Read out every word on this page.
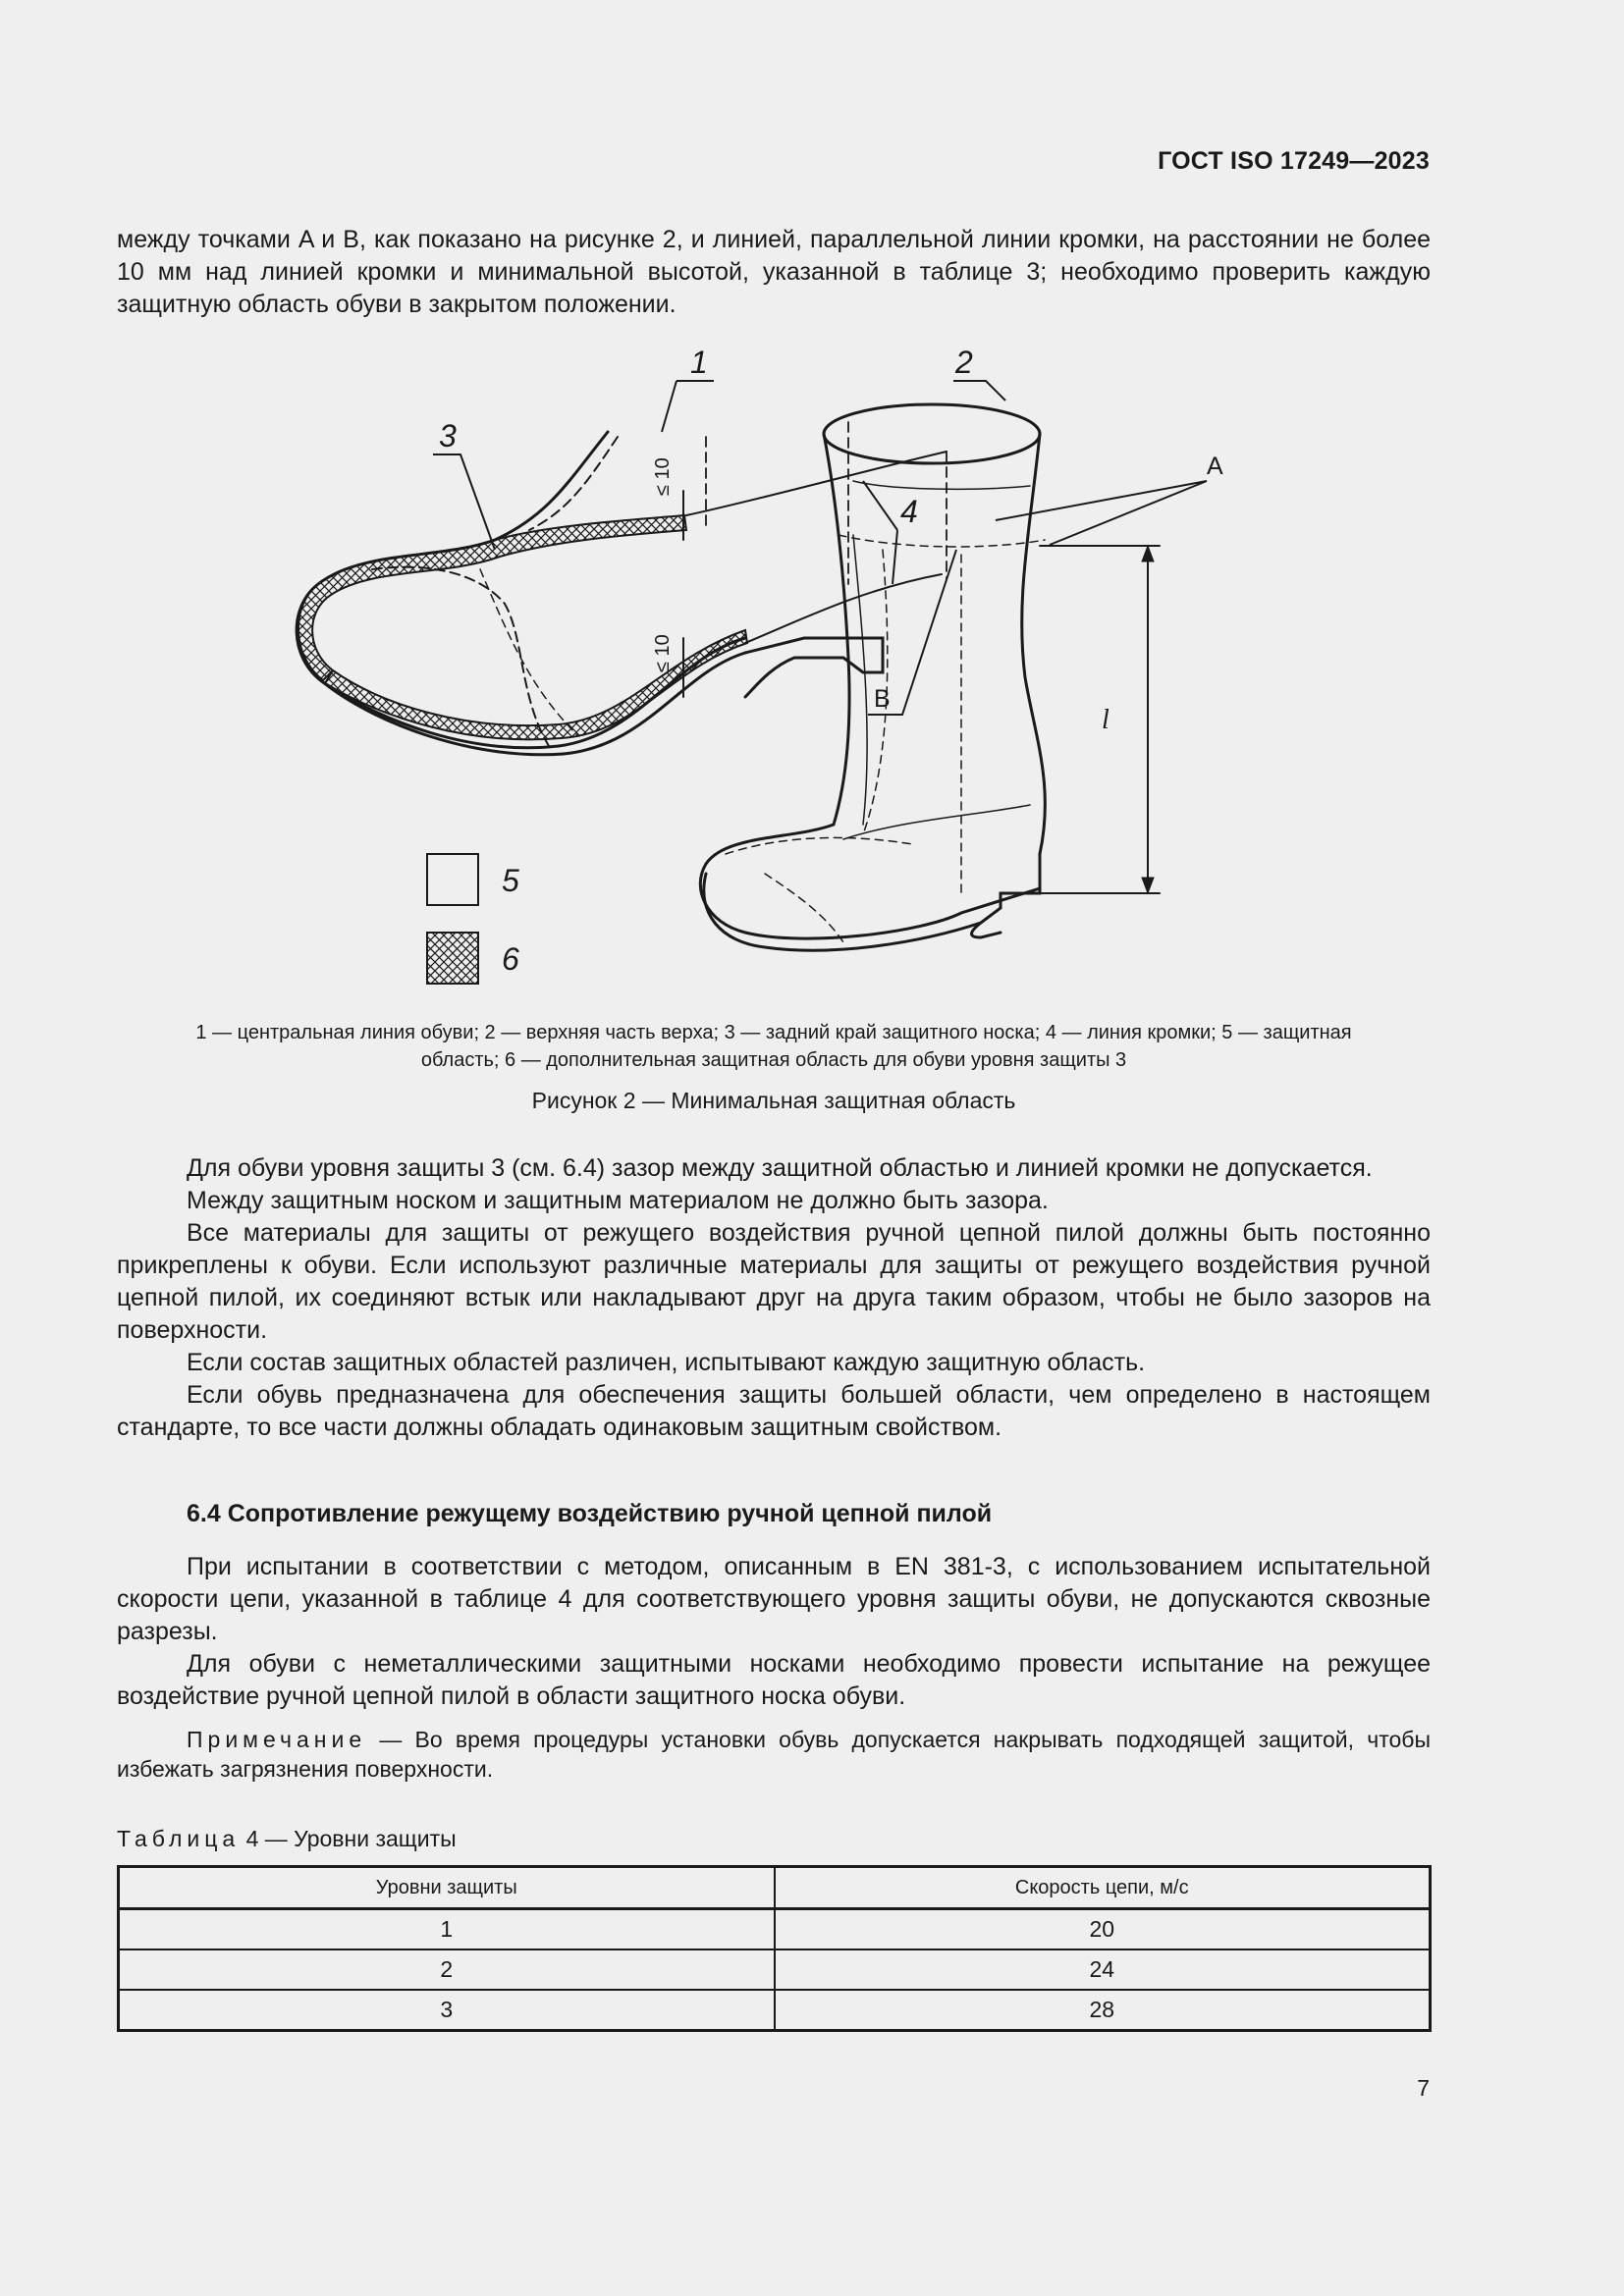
ГОСТ ISO 17249—2023

между точками A и B, как показано на рисунке 2, и линией, параллельной линии кромки, на расстоянии не более 10 мм над линией кромки и минимальной высотой, указанной в таблице 3; необходимо проверить каждую защитную область обуви в закрытом положении.

≤ 10
≤ 10
1
3
4
5
6
2
A
B
l
1 — центральная линия обуви; 2 — верхняя часть верха; 3 — задний край защитного носка; 4 — линия кромки; 5 — защитная
область; 6 — дополнительная защитная область для обуви уровня защиты 3
Рисунок 2 — Минимальная защитная область

Для обуви уровня защиты 3 (см. 6.4) зазор между защитной областью и линией кромки не допускается.

Между защитным носком и защитным материалом не должно быть зазора.

Все материалы для защиты от режущего воздействия ручной цепной пилой должны быть постоянно прикреплены к обуви. Если используют различные материалы для защиты от режущего воздействия ручной цепной пилой, их соединяют встык или накладывают друг на друга таким образом, чтобы не было зазоров на поверхности.

Если состав защитных областей различен, испытывают каждую защитную область.

Если обувь предназначена для обеспечения защиты большей области, чем определено в настоящем стандарте, то все части должны обладать одинаковым защитным свойством.

6.4 Сопротивление режущему воздействию ручной цепной пилой

При испытании в соответствии с методом, описанным в EN 381-3, с использованием испытательной скорости цепи, указанной в таблице 4 для соответствующего уровня защиты обуви, не допускаются сквозные разрезы.

Для обуви с неметаллическими защитными носками необходимо провести испытание на режущее воздействие ручной цепной пилой в области защитного носка обуви.

Примечание — Во время процедуры установки обувь допускается накрывать подходящей защитой, чтобы избежать загрязнения поверхности.

Таблица 4 — Уровни защиты
Уровни защиты	Скорость цепи, м/с
1	20
2	24
3	28
7
